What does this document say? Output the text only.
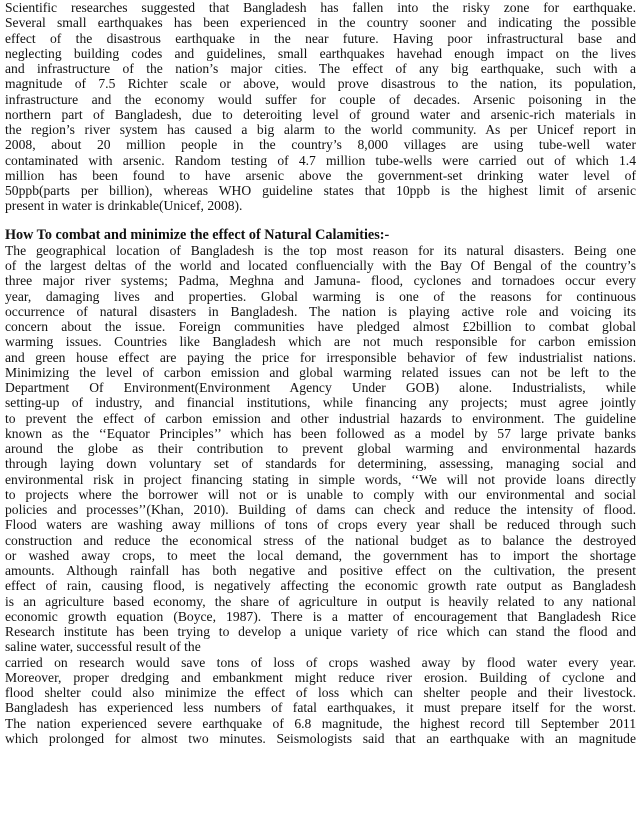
Scientific researches suggested that Bangladesh has fallen into the risky zone for earthquake.
Several small earthquakes has been experienced in the country sooner and indicating the possible
effect of the disastrous earthquake in the near future. Having poor infrastructural base and
neglecting building codes and guidelines, small earthquakes havehad enough impact on the lives
and infrastructure of the nation’s major cities. The effect of any big earthquake, such with a
magnitude of 7.5 Richter scale or above, would prove disastrous to the nation, its population,
infrastructure and the economy would suffer for couple of decades. Arsenic poisoning in the
northern part of Bangladesh, due to deteroiting level of ground water and arsenic-rich materials in
the region’s river system has caused a big alarm to the world community. As per Unicef report in
2008, about 20 million people in the country’s 8,000 villages are using tube-well water
contaminated with arsenic. Random testing of 4.7 million tube-wells were carried out of which 1.4
million has been found to have arsenic above the government-set drinking water level of
50ppb(parts per billion), whereas WHO guideline states that 10ppb is the highest limit of arsenic
present in water is drinkable(Unicef, 2008).
How To combat and minimize the effect of Natural Calamities:-
The geographical location of Bangladesh is the top most reason for its natural disasters. Being one
of the largest deltas of the world and located confluencially with the Bay Of Bengal of the country’s
three major river systems; Padma, Meghna and Jamuna- flood, cyclones and tornadoes occur every
year, damaging lives and properties. Global warming is one of the reasons for continuous
occurrence of natural disasters in Bangladesh. The nation is playing active role and voicing its
concern about the issue. Foreign communities have pledged almost £2billion to combat global
warming issues. Countries like Bangladesh which are not much responsible for carbon emission
and green house effect are paying the price for irresponsible behavior of few industrialist nations.
Minimizing the level of carbon emission and global warming related issues can not be left to the
Department Of Environment(Environment Agency Under GOB) alone. Industrialists, while
setting-up of industry, and financial institutions, while financing any projects; must agree jointly
to prevent the effect of carbon emission and other industrial hazards to environment. The guideline
known as the ‘‘Equator Principles’’ which has been followed as a model by 57 large private banks
around the globe as their contribution to prevent global warming and environmental hazards
through laying down voluntary set of standards for determining, assessing, managing social and
environmental risk in project financing stating in simple words, ‘‘We will not provide loans directly
to projects where the borrower will not or is unable to comply with our environmental and social
policies and processes’’(Khan, 2010). Building of dams can check and reduce the intensity of flood.
Flood waters are washing away millions of tons of crops every year shall be reduced through such
construction and reduce the economical stress of the national budget as to balance the destroyed
or washed away crops, to meet the local demand, the government has to import the shortage
amounts. Although rainfall has both negative and positive effect on the cultivation, the present
effect of rain, causing flood, is negatively affecting the economic growth rate output as Bangladesh
is an agriculture based economy, the share of agriculture in output is heavily related to any national
economic growth equation (Boyce, 1987). There is a matter of encouragement that Bangladesh Rice
Research institute has been trying to develop a unique variety of rice which can stand the flood and
saline water, successful result of the
carried on research would save tons of loss of crops washed away by flood water every year.
Moreover, proper dredging and embankment might reduce river erosion. Building of cyclone and
flood shelter could also minimize the effect of loss which can shelter people and their livestock.
Bangladesh has experienced less numbers of fatal earthquakes, it must prepare itself for the worst.
The nation experienced severe earthquake of 6.8 magnitude, the highest record till September 2011
which prolonged for almost two minutes. Seismologists said that an earthquake with an magnitude
